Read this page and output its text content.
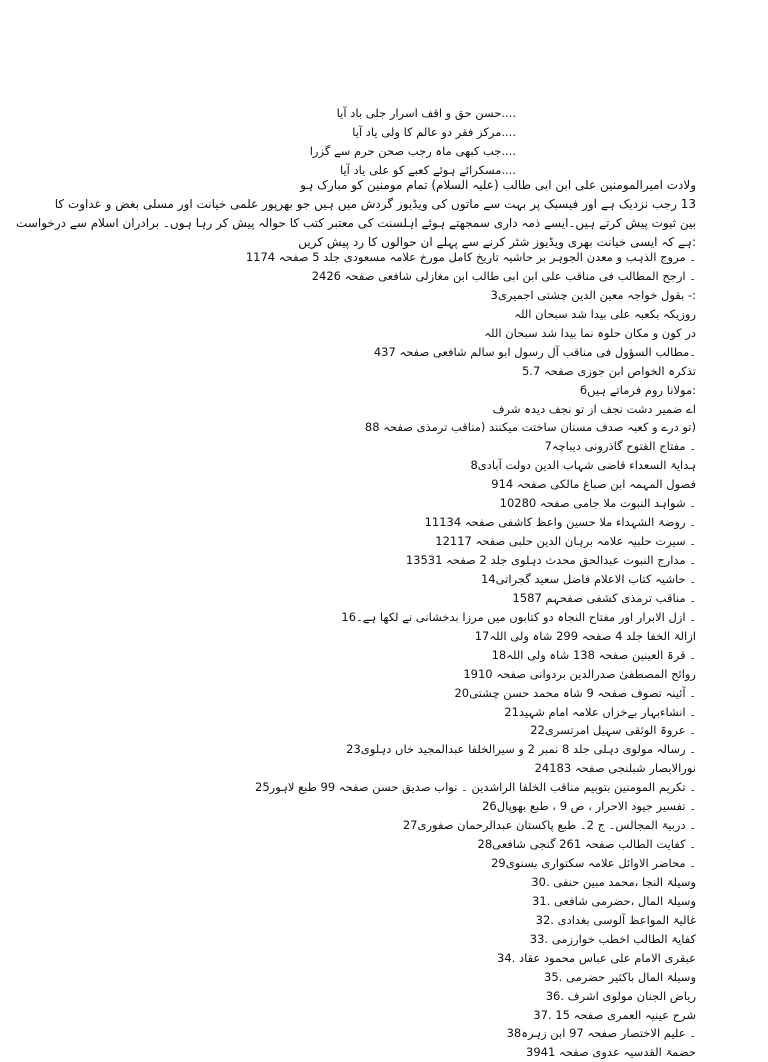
....حسن حق و اقف اسرار جلی باد آیا
....مرکز فقر دو عالم کا ولی یاد آیا
....جب کبھی ماہ رجب صحن حرم سے گزرا
....مسکرائے ہوئے کعبے کو علی یاد آیا
ولادت امیرالمومنین علی ابن ابی طالب (علیہ السلام) تمام مومنین کو مبارک ہو
13 رجب نزدیک ہے اور فیسبک پر بہت سے ماتوں کی ویڈیوز گردش میں ہیں جو بھرپور علمی خیانت اور مسلی بغض و عداوت کا
بین ثبوت پیش کرتے ہیں۔ایسے ذمہ داری سمجھتے ہوئے اہلسنت کی معتبر کتب کا حوالہ پیش کر رہا ہوں۔ برادران اسلام سے درخواست
:ہے کہ ایسی خیانت بھری ویڈیوز شئر کرنے سے پہلے ان حوالوں کا رد پیش کریں
۔ مروج الذہب و معدن الجوہر بر حاشیہ تاریخ کامل مورخ علامہ مسعودی جلد 5 صفحہ 1174
۔ ارجح المطالب فی مناقب علی ابن ابی طالب ابن مغازلی شافعی صفحہ 2426
:- بقول خواجہ معین الدین چشتی اجمیری3
روزیکہ بکعبہ علی بیدا شد سبحان اللہ
در کون و مکان حلوہ نما بیدا شد سبحان اللہ
۔مطالب السؤول فی مناقب آل رسول ابو سالم شافعی صفحہ 437
تذکرہ الخواص ابن جوزی صفحہ 5.7
:مولانا روم فرماتے ہیں6
اے ضمیر دشت نجف از تو نجف دیدہ شرف
(تو درے و کعبہ صدف مسنان ساختت میکنند (مناقب ترمذی صفحہ 88
۔ مفتاح الفتوح گاذرونی دیباچہ7
ہدایۃ السعداء قاضی شہاب الدین دولت آبادی8
فصول المہمہ ابن صباغ مالکی صفحہ 914
۔ شواہد النبوت ملا جامی صفحہ 10280
۔ روضۃ الشہداء ملا حسین واعظ کاشفی صفحہ 11134
۔ سیرت حلبیہ علامہ برہان الدین حلبی صفحہ 12117
۔ مدارج النبوت عبدالحق محدث دہلوی جلد 2 صفحہ 13531
۔ حاشیہ کتاب الاعلام فاضل سعید گجراتی14
۔ مناقب ترمذی کشفی صفحہم 1587
۔ ازل الابرار اور مفتاح النجاہ دو کتابوں میں مرزا بدخشانی نے لکھا ہے۔16
ازالۃ الخفا جلد 4 صفحہ 299 شاہ ولی اللہ17
۔ قرۃ العینین صفحہ 138 شاہ ولی اللہ18
روائح المصطفیٰ صدرالدین بردوانی صفحہ 1910
۔ آئینہ تصوف صفحہ 9 شاہ محمد حسن چشتی20
۔ انشاءبہار بےخزاں علامہ امام شہید21
۔ عروۃ الوثقی سہیل امرتسری22
۔ رسالہ مولوی دہلی جلد 8 نمبر 2 و سیرالخلفا عبدالمجید خاں دہلوی23
نورالابصار شبلنجی صفحہ 24183
۔ تکریم المومنین بتوبیم مناقب الخلفا الراشدین ۔ نواب صدیق حسن صفحہ 99 طبع لاہور25
۔ تفسیر جیود الاحرار ، ص 9 ، طبع بھوپال26
۔ دربیۃ المجالس۔ ج 2۔ طبع پاکستان عبدالرحمان صفوری27
۔ کفایت الطالب صفحہ 261 گنجی شافعی28
۔ محاضر الاوائل علامہ سکتواری بسنوی29
وسیلۃ النجا ،محمد مبین حنفی .30
وسیلۃ المال ،حضرمی شافعی .31
غالیۃ المواعظ آلوسی بغدادی .32
کفایۃ الطالب اخطب خوارزمی .33
عبقری الامام علی عباس محمود عقاد .34
وسیلۃ المال باکثیر حضرمی .35
ریاض الجنان مولوی اشرف .36
شرح عینیہ العمری صفحہ 15 .37
۔ علیم الاختصار صفحہ 97 ابن زہرہ38
حضمۃ القدسیہ عدوی صفحہ 3941
